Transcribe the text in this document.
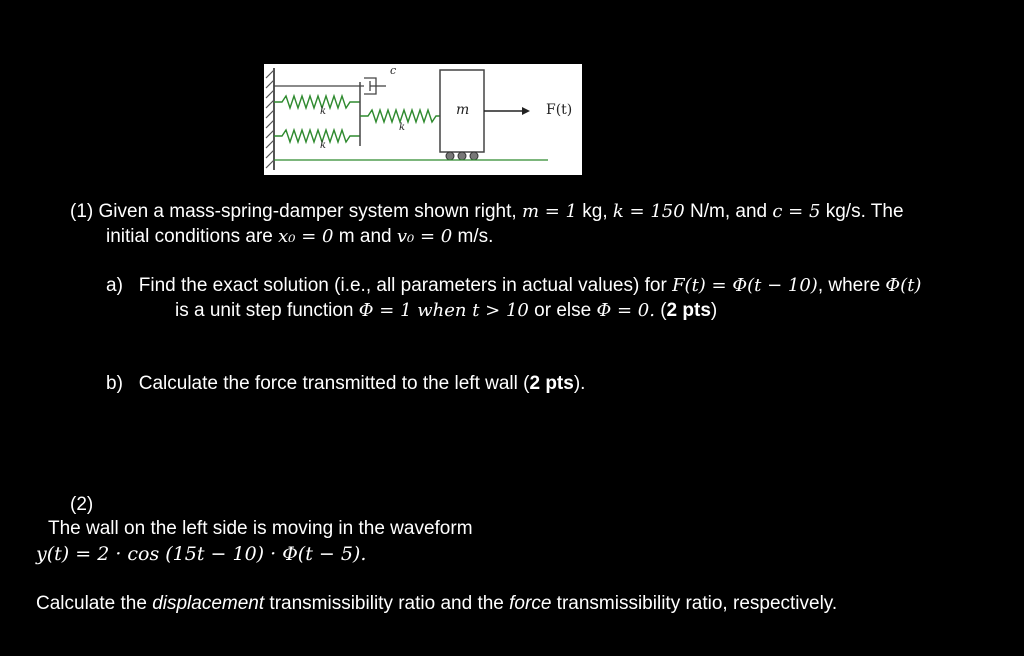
c
k
k
k
m	F(t)
(1) Given a mass-spring-damper system shown right, m = 1 kg, k = 150 N/m, and c = 5 kg/s. The
initial conditions are x₀ = 0 m and v₀ = 0 m/s.
a) Find the exact solution (i.e., all parameters in actual values) for F(t) = Φ(t − 10), where Φ(t)
is a unit step function Φ = 1 when t > 10 or else Φ = 0. (2 pts)
b) Calculate the force transmitted to the left wall (2 pts).
(2)
The wall on the left side is moving in the waveform
y(t) = 2 · cos (15t − 10) · Φ(t − 5).
Calculate the displacement transmissibility ratio and the force transmissibility ratio, respectively.
